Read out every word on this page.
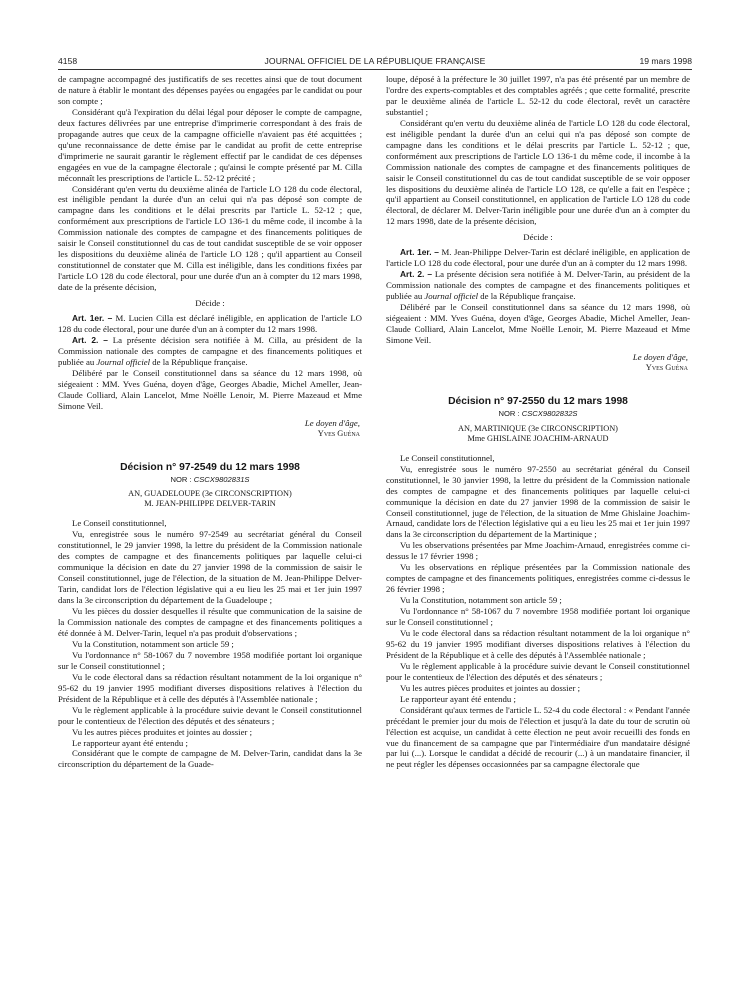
4158	JOURNAL OFFICIEL DE LA RÉPUBLIQUE FRANÇAISE	19 mars 1998

de campagne accompagné des justificatifs de ses recettes ainsi que de tout document de nature à établir le montant des dépenses payées ou engagées par le candidat ou pour son compte ;

Considérant qu'à l'expiration du délai légal pour déposer le compte de campagne, deux factures délivrées par une entreprise d'imprimerie correspondant à des frais de propagande autres que ceux de la campagne officielle n'avaient pas été acquittées ; qu'une reconnaissance de dette émise par le candidat au profit de cette entreprise d'imprimerie ne saurait garantir le règlement effectif par le candidat de ces dépenses engagées en vue de la campagne électorale ; qu'ainsi le compte présenté par M. Cilla méconnaît les prescriptions de l'article L. 52-12 précité ;

Considérant qu'en vertu du deuxième alinéa de l'article LO 128 du code électoral, est inéligible pendant la durée d'un an celui qui n'a pas déposé son compte de campagne dans les conditions et le délai prescrits par l'article L. 52-12 ; que, conformément aux prescriptions de l'article LO 136-1 du même code, il incombe à la Commission nationale des comptes de campagne et des financements politiques de saisir le Conseil constitutionnel du cas de tout candidat susceptible de se voir opposer les dispositions du deuxième alinéa de l'article LO 128 ; qu'il appartient au Conseil constitutionnel de constater que M. Cilla est inéligible, dans les conditions fixées par l'article LO 128 du code électoral, pour une durée d'un an à compter du 12 mars 1998, date de la présente décision,

Décide :

Art. 1er. – M. Lucien Cilla est déclaré inéligible, en application de l'article LO 128 du code électoral, pour une durée d'un an à compter du 12 mars 1998.

Art. 2. – La présente décision sera notifiée à M. Cilla, au président de la Commission nationale des comptes de campagne et des financements politiques et publiée au Journal officiel de la République française.

Délibéré par le Conseil constitutionnel dans sa séance du 12 mars 1998, où siégeaient : MM. Yves Guéna, doyen d'âge, Georges Abadie, Michel Ameller, Jean-Claude Colliard, Alain Lancelot, Mme Noëlle Lenoir, M. Pierre Mazeaud et Mme Simone Veil.

Le doyen d'âge,

Yves Guéna

Décision n° 97-2549 du 12 mars 1998

NOR : CSCX9802831S

AN, GUADELOUPE (3e CIRCONSCRIPTION)

M. JEAN-PHILIPPE DELVER-TARIN

Le Conseil constitutionnel,

Vu, enregistrée sous le numéro 97-2549 au secrétariat général du Conseil constitutionnel, le 29 janvier 1998, la lettre du président de la Commission nationale des comptes de campagne et des financements politiques par laquelle celui-ci communique la décision en date du 27 janvier 1998 de la commission de saisir le Conseil constitutionnel, juge de l'élection, de la situation de M. Jean-Philippe Delver-Tarin, candidat lors de l'élection législative qui a eu lieu les 25 mai et 1er juin 1997 dans la 3e circonscription du département de la Guadeloupe ;

Vu les pièces du dossier desquelles il résulte que communication de la saisine de la Commission nationale des comptes de campagne et des financements politiques a été donnée à M. Delver-Tarin, lequel n'a pas produit d'observations ;

Vu la Constitution, notamment son article 59 ;

Vu l'ordonnance n° 58-1067 du 7 novembre 1958 modifiée portant loi organique sur le Conseil constitutionnel ;

Vu le code électoral dans sa rédaction résultant notamment de la loi organique n° 95-62 du 19 janvier 1995 modifiant diverses dispositions relatives à l'élection du Président de la République et à celle des députés à l'Assemblée nationale ;

Vu le règlement applicable à la procédure suivie devant le Conseil constitutionnel pour le contentieux de l'élection des députés et des sénateurs ;

Vu les autres pièces produites et jointes au dossier ;

Le rapporteur ayant été entendu ;

Considérant que le compte de campagne de M. Delver-Tarin, candidat dans la 3e circonscription du département de la Guade-

loupe, déposé à la préfecture le 30 juillet 1997, n'a pas été présenté par un membre de l'ordre des experts-comptables et des comptables agréés ; que cette formalité, prescrite par le deuxième alinéa de l'article L. 52-12 du code électoral, revêt un caractère substantiel ;

Considérant qu'en vertu du deuxième alinéa de l'article LO 128 du code électoral, est inéligible pendant la durée d'un an celui qui n'a pas déposé son compte de campagne dans les conditions et le délai prescrits par l'article L. 52-12 ; que, conformément aux prescriptions de l'article LO 136-1 du même code, il incombe à la Commission nationale des comptes de campagne et des financements politiques de saisir le Conseil constitutionnel du cas de tout candidat susceptible de se voir opposer les dispositions du deuxième alinéa de l'article LO 128, ce qu'elle a fait en l'espèce ; qu'il appartient au Conseil constitutionnel, en application de l'article LO 128 du code électoral, de déclarer M. Delver-Tarin inéligible pour une durée d'un an à compter du 12 mars 1998, date de la présente décision,

Décide :

Art. 1er. – M. Jean-Philippe Delver-Tarin est déclaré inéligible, en application de l'article LO 128 du code électoral, pour une durée d'un an à compter du 12 mars 1998.

Art. 2. – La présente décision sera notifiée à M. Delver-Tarin, au président de la Commission nationale des comptes de campagne et des financements politiques et publiée au Journal officiel de la République française.

Délibéré par le Conseil constitutionnel dans sa séance du 12 mars 1998, où siégeaient : MM. Yves Guéna, doyen d'âge, Georges Abadie, Michel Ameller, Jean-Claude Colliard, Alain Lancelot, Mme Noëlle Lenoir, M. Pierre Mazeaud et Mme Simone Veil.

Le doyen d'âge,

Yves Guéna

Décision n° 97-2550 du 12 mars 1998

NOR : CSCX9802832S

AN, MARTINIQUE (3e CIRCONSCRIPTION)

Mme GHISLAINE JOACHIM-ARNAUD

Le Conseil constitutionnel,

Vu, enregistrée sous le numéro 97-2550 au secrétariat général du Conseil constitutionnel, le 30 janvier 1998, la lettre du président de la Commission nationale des comptes de campagne et des financements politiques par laquelle celui-ci communique la décision en date du 27 janvier 1998 de la commission de saisir le Conseil constitutionnel, juge de l'élection, de la situation de Mme Ghislaine Joachim-Arnaud, candidate lors de l'élection législative qui a eu lieu les 25 mai et 1er juin 1997 dans la 3e circonscription du département de la Martinique ;

Vu les observations présentées par Mme Joachim-Arnaud, enregistrées comme ci-dessus le 17 février 1998 ;

Vu les observations en réplique présentées par la Commission nationale des comptes de campagne et des financements politiques, enregistrées comme ci-dessus le 26 février 1998 ;

Vu la Constitution, notamment son article 59 ;

Vu l'ordonnance n° 58-1067 du 7 novembre 1958 modifiée portant loi organique sur le Conseil constitutionnel ;

Vu le code électoral dans sa rédaction résultant notamment de la loi organique n° 95-62 du 19 janvier 1995 modifiant diverses dispositions relatives à l'élection du Président de la République et à celle des députés à l'Assemblée nationale ;

Vu le règlement applicable à la procédure suivie devant le Conseil constitutionnel pour le contentieux de l'élection des députés et des sénateurs ;

Vu les autres pièces produites et jointes au dossier ;

Le rapporteur ayant été entendu ;

Considérant qu'aux termes de l'article L. 52-4 du code électoral : « Pendant l'année précédant le premier jour du mois de l'élection et jusqu'à la date du tour de scrutin où l'élection est acquise, un candidat à cette élection ne peut avoir recueilli des fonds en vue du financement de sa campagne que par l'intermédiaire d'un mandataire désigné par lui (...). Lorsque le candidat a décidé de recourir (...) à un mandataire financier, il ne peut régler les dépenses occasionnées par sa campagne électorale que
